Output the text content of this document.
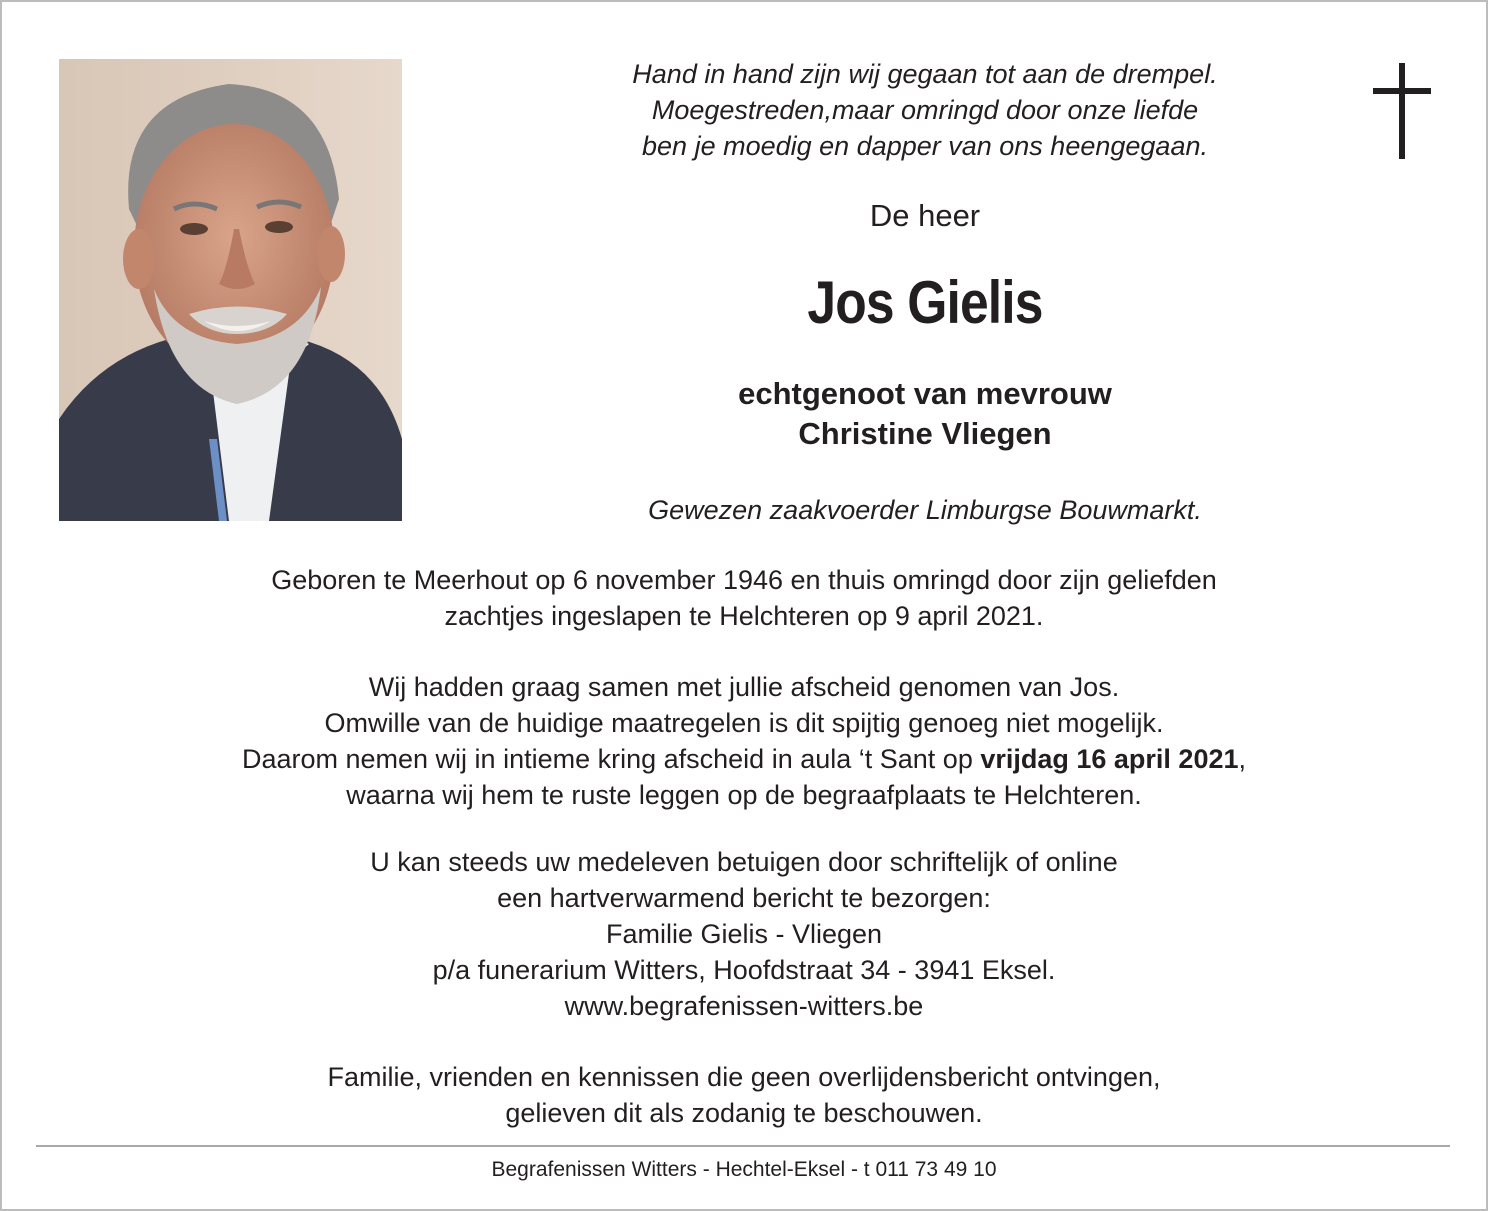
Hand in hand zijn wij gegaan tot aan de drempel.
Moegestreden,maar omringd door onze liefde
ben je moedig en dapper van ons heengegaan.
De heer
Jos Gielis
echtgenoot van mevrouw
Christine Vliegen
Gewezen zaakvoerder Limburgse Bouwmarkt.
Geboren te Meerhout op 6 november 1946 en thuis omringd door zijn geliefden
zachtjes ingeslapen te Helchteren op 9 april 2021.
Wij hadden graag samen met jullie afscheid genomen van Jos.
Omwille van de huidige maatregelen is dit spijtig genoeg niet mogelijk.
Daarom nemen wij in intieme kring afscheid in aula ‘t Sant op vrijdag 16 april 2021,
waarna wij hem te ruste leggen op de begraafplaats te Helchteren.
U kan steeds uw medeleven betuigen door schriftelijk of online
een hartverwarmend bericht te bezorgen:
Familie Gielis - Vliegen
p/a funerarium Witters, Hoofdstraat 34 - 3941 Eksel.
www.begrafenissen-witters.be
Familie, vrienden en kennissen die geen overlijdensbericht ontvingen,
gelieven dit als zodanig te beschouwen.
Begrafenissen Witters - Hechtel-Eksel - t 011 73 49 10
